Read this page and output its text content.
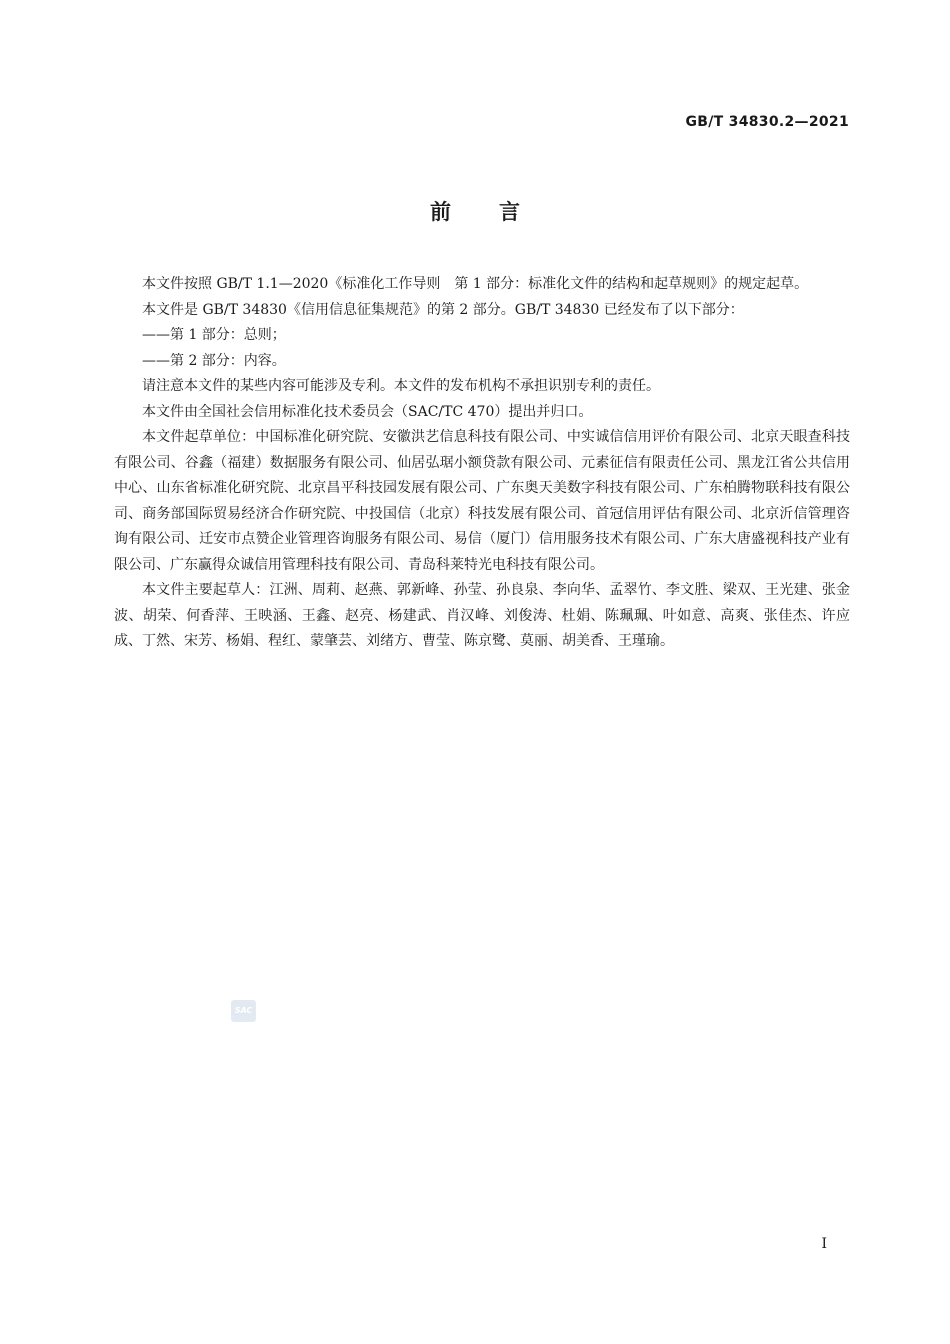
GB/T 34830.2—2021
前言

本文件按照 GB/T 1.1—2020《标准化工作导则　第 1 部分：标准化文件的结构和起草规则》的规定起草。

本文件是 GB/T 34830《信用信息征集规范》的第 2 部分。GB/T 34830 已经发布了以下部分：

——第 1 部分：总则；

——第 2 部分：内容。

请注意本文件的某些内容可能涉及专利。本文件的发布机构不承担识别专利的责任。

本文件由全国社会信用标准化技术委员会（SAC/TC 470）提出并归口。

本文件起草单位：中国标准化研究院、安徽洪艺信息科技有限公司、中实诚信信用评价有限公司、北京天眼查科技有限公司、谷鑫（福建）数据服务有限公司、仙居弘琚小额贷款有限公司、元素征信有限责任公司、黑龙江省公共信用中心、山东省标准化研究院、北京昌平科技园发展有限公司、广东奥天美数字科技有限公司、广东柏腾物联科技有限公司、商务部国际贸易经济合作研究院、中投国信（北京）科技发展有限公司、首冠信用评估有限公司、北京沂信管理咨询有限公司、迁安市点赞企业管理咨询服务有限公司、易信（厦门）信用服务技术有限公司、广东大唐盛视科技产业有限公司、广东赢得众诚信用管理科技有限公司、青岛科莱特光电科技有限公司。

本文件主要起草人：江洲、周莉、赵燕、郭新峰、孙莹、孙良泉、李向华、孟翠竹、李文胜、梁双、王光建、张金波、胡荣、何香萍、王映涵、王鑫、赵亮、杨建武、肖汉峰、刘俊涛、杜娟、陈珮珮、叶如意、高爽、张佳杰、许应成、丁然、宋芳、杨娟、程红、蒙肇芸、刘绪方、曹莹、陈京鹭、莫丽、胡美香、王瑾瑜。

SAC
I
